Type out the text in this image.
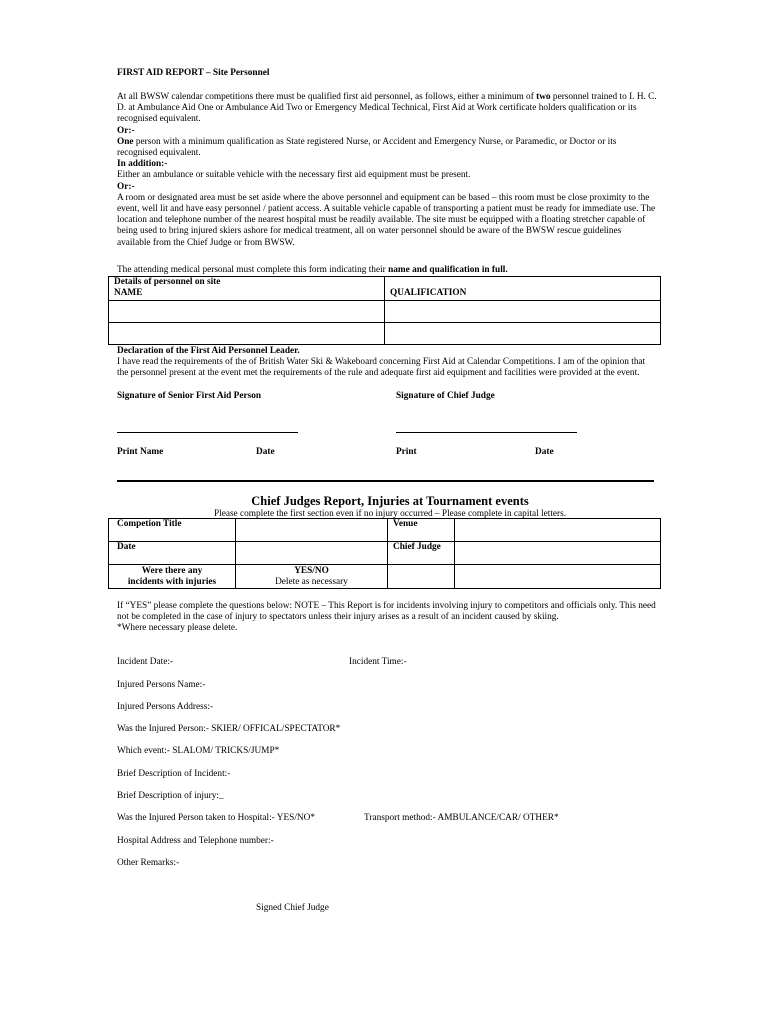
FIRST AID REPORT – Site Personnel

At all BWSW calendar competitions there must be qualified first aid personnel, as follows, either a minimum of two personnel trained to I. H. C. D. at Ambulance Aid One or Ambulance Aid Two or Emergency Medical Technical, First Aid at Work certificate holders qualification or its recognised equivalent.

Or:-

One person with a minimum qualification as State registered Nurse, or Accident and Emergency Nurse, or Paramedic, or Doctor or its recognised equivalent.

In addition:-

Either an ambulance or suitable vehicle with the necessary first aid equipment must be present.

Or:-

A room or designated area must be set aside where the above personnel and equipment can be based – this room must be close proximity to the event, well lit and have easy personnel / patient access. A suitable vehicle capable of transporting a patient must be ready for immediate use. The location and telephone number of the nearest hospital must be readily available. The site must be equipped with a floating stretcher capable of being used to bring injured skiers ashore for medical treatment, all on water personnel should be aware of the BWSW rescue guidelines available from the Chief Judge or from BWSW.

The attending medical personal must complete this form indicating their name and qualification in full.

Details of personnel on site
NAME	QUALIFICATION

Declaration of the First Aid Personnel Leader.

I have read the requirements of the of British Water Ski & Wakeboard concerning First Aid at Calendar Competitions. I am of the opinion that the personnel present at the event met the requirements of the rule and adequate first aid equipment and facilities were provided at the event.

Signature of Senior First Aid Person	Signature of Chief Judge
Print Name	Date	Print	Date

Chief Judges Report, Injuries at Tournament events

Please complete the first section even if no injury occurred – Please complete in capital letters.

Competion Title		Venue	
Date		Chief Judge	
Were there any
incidents with injuries	YES/NO
Delete as necessary		

If “YES” please complete the questions below: NOTE – This Report is for incidents involving injury to competitors and officials only. This need not be completed in the case of injury to spectators unless their injury arises as a result of an incident caused by skiing.

*Where necessary please delete.

Incident Date:-	Incident Time:-

Injured Persons Name:-

Injured Persons Address:-

Was the Injured Person:- SKIER/ OFFICAL/SPECTATOR*

Which event:- SLALOM/ TRICKS/JUMP*

Brief Description of Incident:-

Brief Description of injury:_

Was the Injured Person taken to Hospital:- YES/NO*	Transport method:- AMBULANCE/CAR/ OTHER*

Hospital Address and Telephone number:-

Other Remarks:-

Signed Chief Judge
